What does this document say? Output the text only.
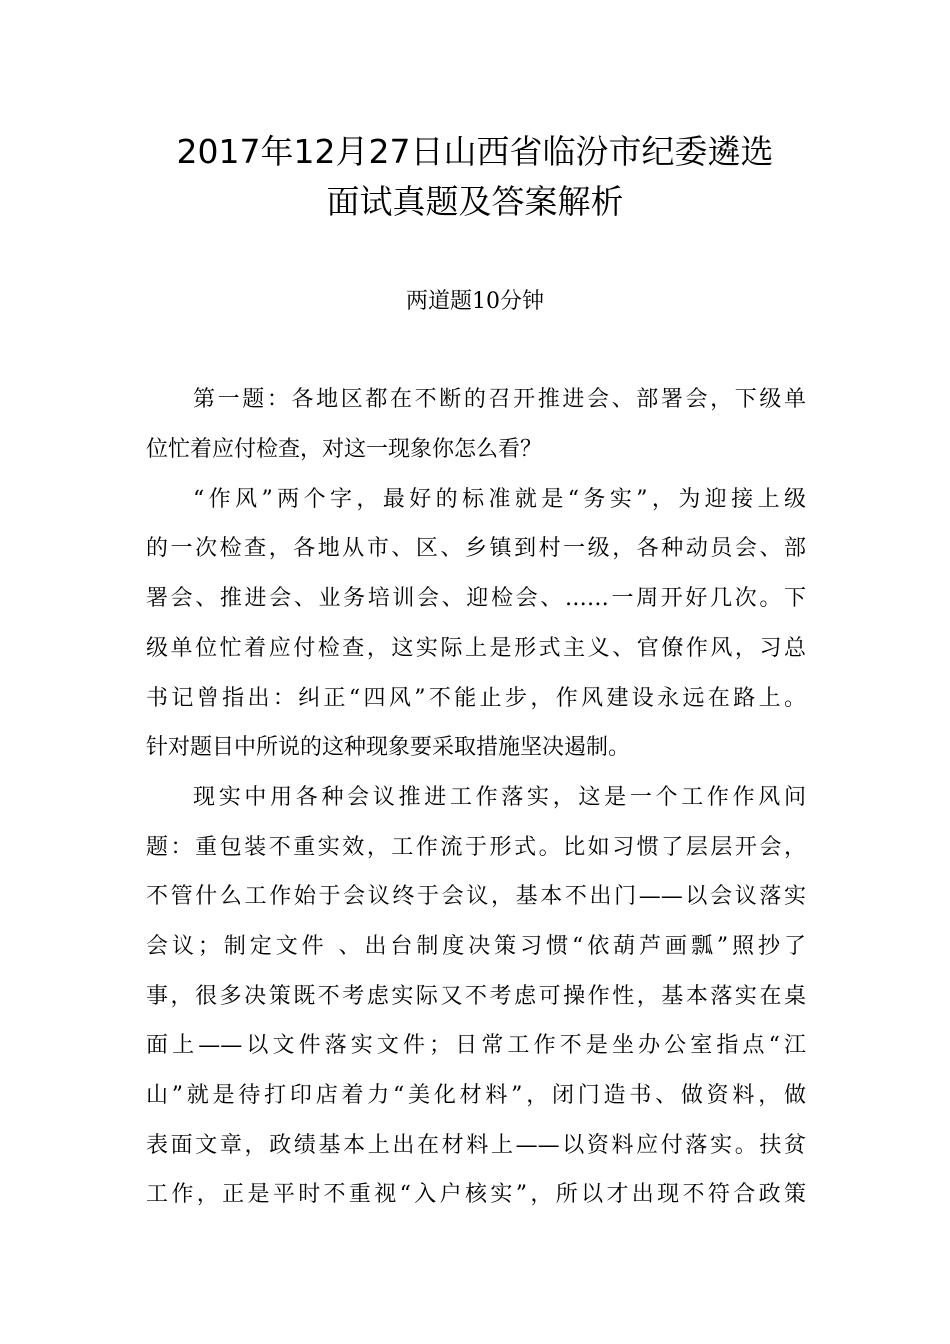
2017年12月27日山西省临汾市纪委遴选
面试真题及答案解析

两道题10分钟

第一题：各地区都在不断的召开推进会、部署会，下级单

位忙着应付检查，对这一现象你怎么看？

“作风”两个字，最好的标准就是“务实”，为迎接上级

的一次检查，各地从市、区、乡镇到村一级，各种动员会、部

署会、推进会、业务培训会、迎检会、……一周开好几次。下

级单位忙着应付检查，这实际上是形式主义、官僚作风，习总

书记曾指出：纠正“四风”不能止步，作风建设永远在路上。

针对题目中所说的这种现象要采取措施坚决遏制。

现实中用各种会议推进工作落实，这是一个工作作风问

题：重包装不重实效，工作流于形式。比如习惯了层层开会，

不管什么工作始于会议终于会议，基本不出门——以会议落实

会议；制定文件 、出台制度决策习惯“依葫芦画瓢”照抄了

事，很多决策既不考虑实际又不考虑可操作性，基本落实在桌

面上——以文件落实文件；日常工作不是坐办公室指点“江

山”就是待打印店着力“美化材料”，闭门造书、做资料，做

表面文章，政绩基本上出在材料上——以资料应付落实。扶贫

工作，正是平时不重视“入户核实”，所以才出现不符合政策
